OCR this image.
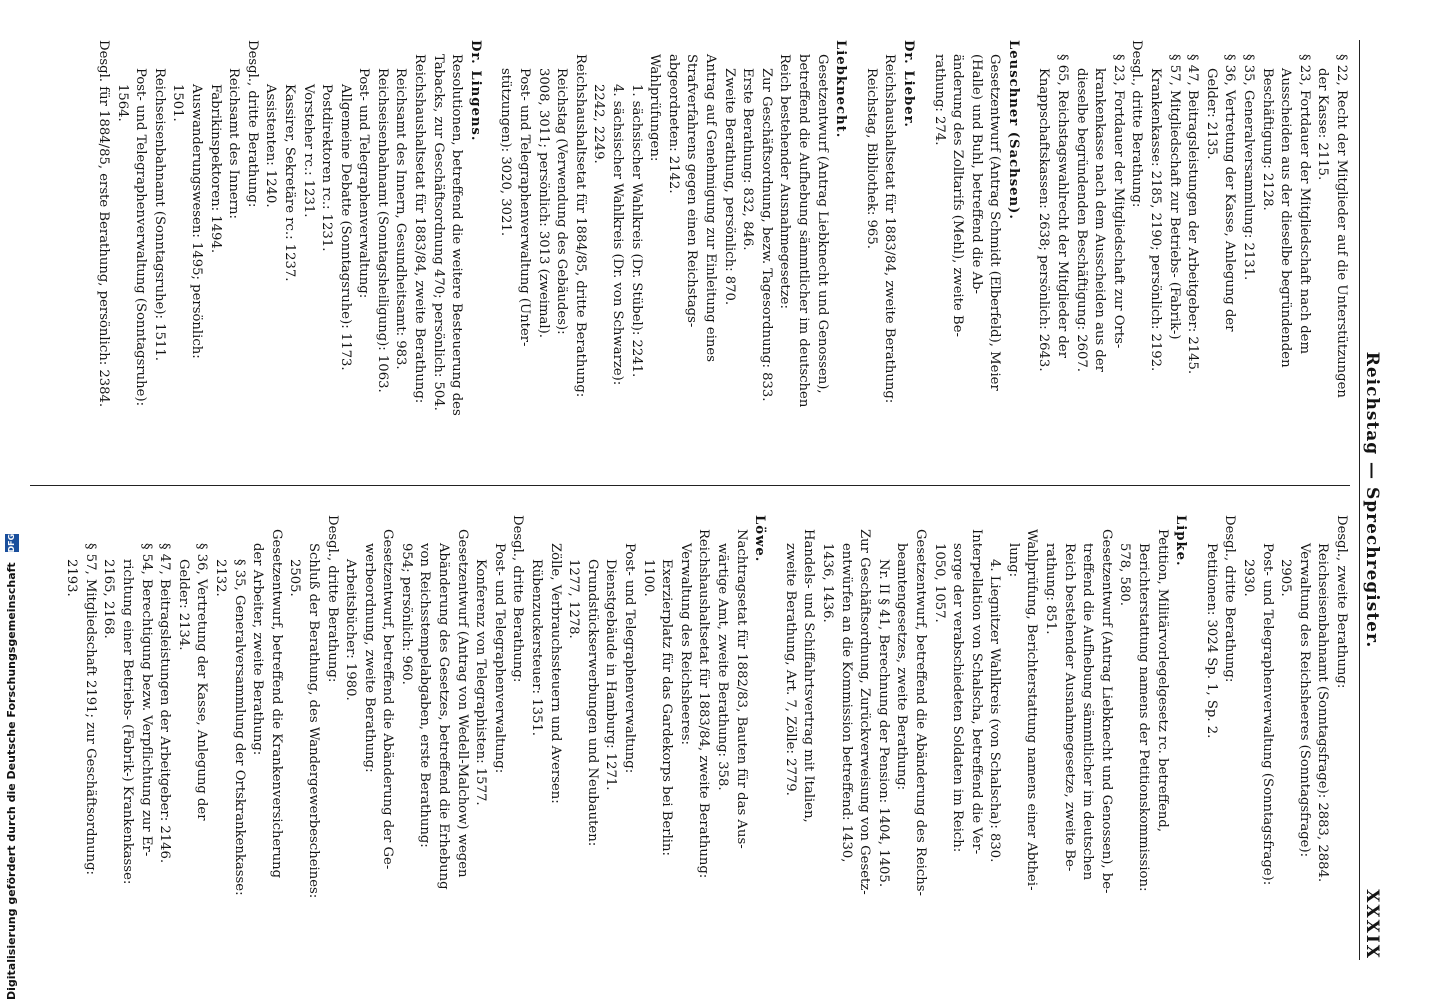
Reichstag — Sprechregister.
XXXIX
§ 22, Recht der Mitglieder auf die Unterstützungen
der Kasse: 2115.
§ 23, Fortdauer der Mitgliedschaft nach dem
Ausscheiden aus der dieselbe begründenden
Beschäftigung: 2128.
§ 35, Generalversammlung: 2131.
§ 36, Vertretung der Kasse, Anlegung der
Gelder: 2135.
§ 47, Beitragsleistungen der Arbeitgeber: 2145.
§ 57, Mitgliedschaft zur Betriebs- (Fabrik-)
Krankenkasse: 2185, 2190; persönlich: 2192.
Desgl., dritte Berathung:
§ 23, Fortdauer der Mitgliedschaft zur Orts-
krankenkasse nach dem Ausscheiden aus der
dieselbe begründenden Beschäftigung: 2607.
§ 65, Reichstagswahlrecht der Mitglieder der
Knappschaftskassen: 2638; persönlich: 2643.
Leuschner (Sachsen).
Gesetzentwurf (Antrag Schmidt (Elberfeld), Meier
(Halle) und Buhl, betreffend die Ab-
änderung des Zolltarifs (Mehl), zweite Be-
rathung: 274.
Dr. Lieber.
Reichshaushaltsetat für 1883/84, zweite Berathung:
Reichstag, Bibliothek: 965.
Liebknecht.
Gesetzentwurf (Antrag Liebknecht und Genossen),
betreffend die Aufhebung sämmtlicher im deutschen
Reich bestehender Ausnahmegesetze:
Zur Geschäftsordnung, bezw. Tagesordnung: 833.
Erste Berathung: 832, 846.
Zweite Berathung, persönlich: 870.
Antrag auf Genehmigung zur Einleitung eines
Strafverfahrens gegen einen Reichstags-
abgeordneten: 2142.
Wahlprüfungen:
1. sächsischer Wahlkreis (Dr. Stübel): 2241.
4. sächsischer Wahlkreis (Dr. von Schwarze):
2242, 2249.
Reichshaushaltsetat für 1884/85, dritte Berathung:
Reichstag (Verwendung des Gebäudes):
3008, 3011; persönlich: 3013 (zweimal).
Post- und Telegraphenverwaltung (Unter-
stützungen): 3020, 3021.
Dr. Lingens.
Resolutionen, betreffend die weitere Besteuerung des
Tabacks, zur Geschäftsordnung 470; persönlich: 504.
Reichshaushaltsetat für 1883/84, zweite Berathung:
Reichsamt des Innern, Gesundheitsamt: 983.
Reichseisenbahnamt (Sonntagsheiligung): 1063.
Post- und Telegraphenverwaltung:
Allgemeine Debatte (Sonntagsruhe): 1173.
Postdirektoren rc.: 1231.
Vorsteher rc.: 1231.
Kassirer, Sekretäre rc.: 1237.
Assistenten: 1240.
Desgl., dritte Berathung:
Reichsamt des Innern:
Fabrikinspektoren: 1494.
Auswanderungswesen: 1495; persönlich:
1501.
Reichseisenbahnamt (Sonntagsruhe): 1511.
Post- und Telegraphenverwaltung (Sonntagsruhe):
1564.
Desgl. für 1884/85, erste Berathung, persönlich: 2384.
Desgl., zweite Berathung:
Reichseisenbahnamt (Sonntagsfrage): 2883, 2884.
Verwaltung des Reichsheeres (Sonntagsfrage):
2905.
Post- und Telegraphenverwaltung (Sonntagsfrage):
2930.
Desgl., dritte Berathung:
Petitionen: 3024 Sp. 1, Sp. 2.
Lipke.
Petition, Militärvorlegelgesetz rc. betreffend,
Berichterstattung namens der Petitionskommission:
578, 580.
Gesetzentwurf (Antrag Liebknecht und Genossen), be-
treffend die Aufhebung sämmtlicher im deutschen
Reich bestehender Ausnahmegesetze, zweite Be-
rathung: 851.
Wahlprüfung, Berichterstattung namens einer Abthei-
lung:
4. Liegnitzer Wahlkreis (von Schalscha): 830.
Interpellation von Schalscha, betreffend die Ver-
sorge der verabschiedeten Soldaten im Reich:
1050, 1057.
Gesetzentwurf, betreffend die Abänderung des Reichs-
beamtengesetzes, zweite Berathung:
Nr. II § 41, Berechnung der Pension: 1404, 1405.
Zur Geschäftsordnung, Zurückverweisung von Gesetz-
entwürfen an die Kommission betreffend: 1430,
1436, 1436.
Handels- und Schiffahrtsvertrag mit Italien,
zweite Berathung, Art. 7, Zölle: 2779.
Löwe.
Nachtragsetat für 1882/83, Bauten für das Aus-
wärtige Amt, zweite Berathung: 358.
Reichshaushaltsetat für 1883/84, zweite Berathung:
Verwaltung des Reichsheeres:
Exerzierplatz für das Gardekorps bei Berlin:
1100.
Post- und Telegraphenverwaltung:
Dienstgebäude in Hamburg: 1271.
Grundstückserwerbungen und Neubauten:
1277, 1278.
Zölle, Verbrauchssteuern und Aversen:
Rübenzuckersteuer: 1351.
Desgl., dritte Berathung:
Post- und Telegraphenverwaltung:
Konferenz von Telegraphisten: 1577.
Gesetzentwurf (Antrag von Wedell-Malchow) wegen
Abänderung des Gesetzes, betreffend die Erhebung
von Reichsstempelabgaben, erste Berathung:
954; persönlich: 960.
Gesetzentwurf, betreffend die Abänderung der Ge-
werbeordnung, zweite Berathung:
Arbeitsbücher: 1980.
Desgl., dritte Berathung:
Schluß der Berathung, des Wandergewerbescheines:
2505.
Gesetzentwurf, betreffend die Krankenversicherung
der Arbeiter, zweite Berathung:
§ 35, Generalversammlung der Ortskrankenkasse:
2132.
§ 36, Vertretung der Kasse, Anlegung der
Gelder: 2134.
§ 47, Beitragsleistungen der Arbeitgeber: 2146.
§ 54, Berechtigung bezw. Verpflichtung zur Er-
richtung einer Betriebs- (Fabrik-) Krankenkasse:
2165, 2168.
§ 57, Mitgliedschaft 2191; zur Geschäftsordnung:
2193.
Digitalisierung gefördert durch die Deutsche Forschungsgemeinschaft DFG
